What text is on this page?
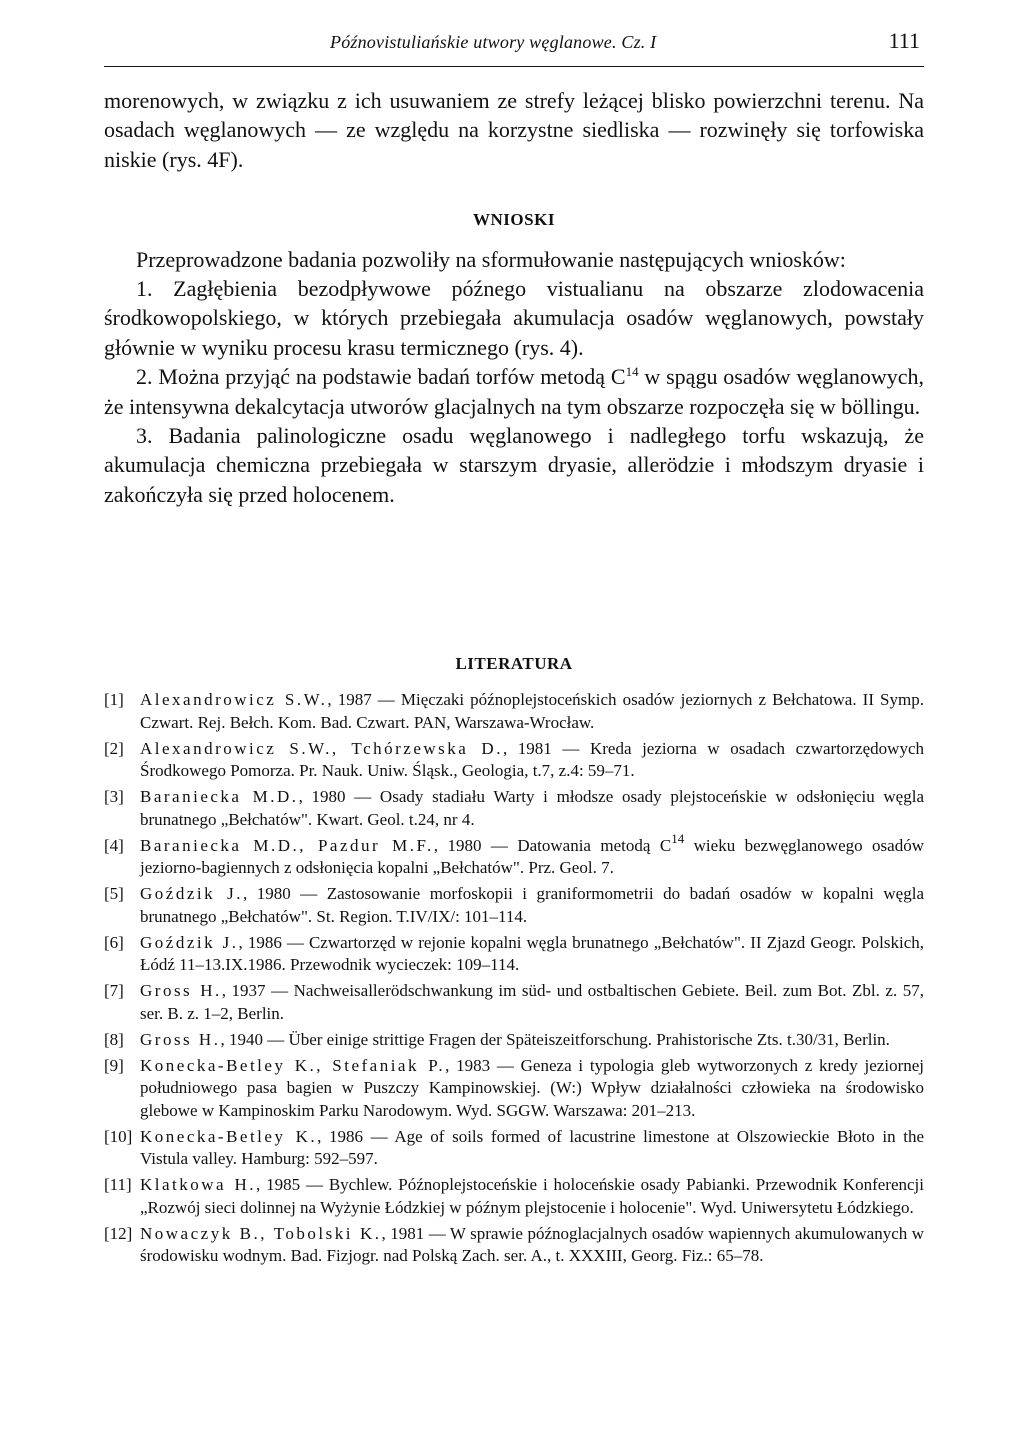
Późnovistuliańskie utwory węglanowe. Cz. I	111

morenowych, w związku z ich usuwaniem ze strefy leżącej blisko powierzchni terenu. Na osadach węglanowych — ze względu na korzystne siedliska — rozwinęły się torfowiska niskie (rys. 4F).

WNIOSKI

Przeprowadzone badania pozwoliły na sformułowanie następujących wniosków:

1. Zagłębienia bezodpływowe późnego vistualianu na obszarze zlodowacenia środkowopolskiego, w których przebiegała akumulacja osadów węglanowych, powstały głównie w wyniku procesu krasu termicznego (rys. 4).

2. Można przyjąć na podstawie badań torfów metodą $C^{14}$ w spągu osadów węglanowych, że intensywna dekalcytacja utworów glacjalnych na tym obszarze rozpoczęła się w böllingu.

3. Badania palinologiczne osadu węglanowego i nadległego torfu wskazują, że akumulacja chemiczna przebiegała w starszym dryasie, allerödzie i młodszym dryasie i zakończyła się przed holocenem.

LITERATURA
[1] Alexandrowicz S.W., 1987 — Mięczaki późnoplejstoceńskich osadów jeziornych z Bełchatowa. II Symp. Czwart. Rej. Bełch. Kom. Bad. Czwart. PAN, Warszawa-Wrocław.
[2] Alexandrowicz S.W., Tchórzewska D., 1981 — Kreda jeziorna w osadach czwartorzędowych Środkowego Pomorza. Pr. Nauk. Uniw. Śląsk., Geologia, t.7, z.4: 59–71.
[3] Baraniecka M.D., 1980 — Osady stadiału Warty i młodsze osady plejstoceńskie w odsłonięciu węgla brunatnego „Bełchatów". Kwart. Geol. t.24, nr 4.
[4] Baraniecka M.D., Pazdur M.F., 1980 — Datowania metodą $C^{14}$ wieku bezwęglanowego osadów jeziorno-bagiennych z odsłonięcia kopalni „Bełchatów". Prz. Geol. 7.
[5] Goździk J., 1980 — Zastosowanie morfoskopii i graniformometrii do badań osadów w kopalni węgla brunatnego „Bełchatów". St. Region. T.IV/IX/: 101–114.
[6] Goździk J., 1986 — Czwartorzęd w rejonie kopalni węgla brunatnego „Bełchatów". II Zjazd Geogr. Polskich, Łódź 11–13.IX.1986. Przewodnik wycieczek: 109–114.
[7] Gross H., 1937 — Nachweisallerödschwankung im süd- und ostbaltischen Gebiete. Beil. zum Bot. Zbl. z. 57, ser. B. z. 1–2, Berlin.
[8] Gross H., 1940 — Über einige strittige Fragen der Spätеiszeitforschung. Prahistorische Zts. t.30/31, Berlin.
[9] Konecka-Betley K., Stefaniak P., 1983 — Geneza i typologia gleb wytworzonych z kredy jeziornej południowego pasa bagien w Puszczy Kampinowskiej. (W:) Wpływ działalności człowieka na środowisko glebowe w Kampinoskim Parku Narodowym. Wyd. SGGW. Warszawa: 201–213.
[10] Konecka-Betley K., 1986 — Age of soils formed of lacustrine limestone at Olszowieckie Błoto in the Vistula valley. Hamburg: 592–597.
[11] Klatkowa H., 1985 — Bychlew. Późnoplejstoceńskie i holoceńskie osady Pabianki. Przewodnik Konferencji „Rozwój sieci dolinnej na Wyżynie Łódzkiej w późnym plejstocenie i holocenie". Wyd. Uniwersytetu Łódzkiego.
[12] Nowaczyk B., Tobolski K., 1981 — W sprawie późnoglacjalnych osadów wapiennych akumulowanych w środowisku wodnym. Bad. Fizjogr. nad Polską Zach. ser. A., t. XXXIII, Georg. Fiz.: 65–78.
